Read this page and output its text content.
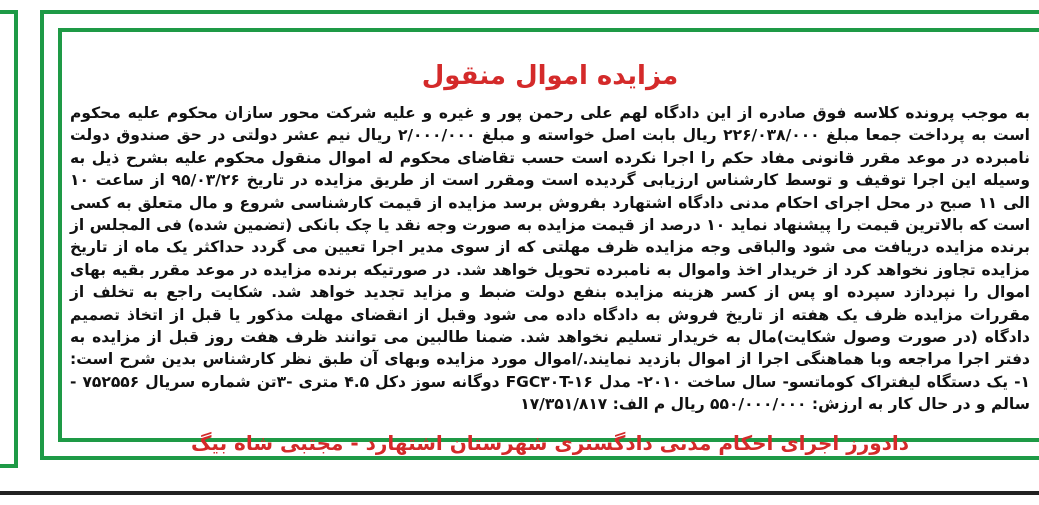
مزایده اموال منقول
به موجب پرونده کلاسه فوق صادره از این دادگاه لهم علی رحمن پور و غیره و علیه شرکت محور سازان محکوم علیه محکوم است به پرداخت جمعا مبلغ ۲۲۶/۰۳۸/۰۰۰ ریال بابت اصل خواسته و مبلغ ۲/۰۰۰/۰۰۰ ریال نیم عشر دولتی در حق صندوق دولت نامبرده در موعد مقرر قانونی مفاد حکم را اجرا نکرده است حسب تقاضای محکوم له اموال منقول محکوم علیه بشرح ذیل به وسیله این اجرا توقیف و توسط کارشناس ارزیابی گردیده است ومقرر است از طریق مزایده در تاریخ ۹۵/۰۳/۲۶ از ساعت ۱۰ الی ۱۱ صبح در محل اجرای احکام مدنی دادگاه اشتهارد بفروش برسد مزایده از قیمت کارشناسی شروع و مال متعلق به کسی است که بالاترین قیمت را پیشنهاد نماید ۱۰ درصد از قیمت مزایده به صورت وجه نقد یا چک بانکی (تضمین شده) فی المجلس از برنده مزایده دریافت می شود والباقی وجه مزایده ظرف مهلتی که از سوی مدیر اجرا تعیین می گردد حداکثر یک ماه از تاریخ مزایده تجاوز نخواهد کرد از خریدار اخذ واموال به نامبرده تحویل خواهد شد. در صورتیکه برنده مزایده در موعد مقرر بقیه بهای اموال را نپردازد سپرده او پس از کسر هزینه مزایده بنفع دولت ضبط و مزاید تجدید خواهد شد. شکایت راجع به تخلف از مقررات مزایده ظرف یک هفته از تاریخ فروش به دادگاه داده می شود وقبل از انقضای مهلت مذکور یا قبل از اتخاذ تصمیم دادگاه (در صورت وصول شکایت)مال به خریدار تسلیم نخواهد شد. ضمنا طالبین می توانند ظرف هفت روز قبل از مزایده به دفتر اجرا مراجعه وبا هماهنگی اجرا از اموال بازدید نمایند./اموال مورد مزایده وبهای آن طبق نظر کارشناس بدین شرح است: ۱- یک دستگاه لیفتراک کوماتسو- سال ساخت ۲۰۱۰- مدل FGC۳۰T-۱۶ دوگانه سوز دکل ۴.۵ متری -۳تن شماره سریال ۷۵۲۵۵۶ - سالم و در حال کار به ارزش: ۵۵۰/۰۰۰/۰۰۰ ریال م الف: ۱۷/۳۵۱/۸۱۷
دادورز اجرای احکام مدنی دادگستری شهرستان اشتهارد - مجتبی شاه بیگ
